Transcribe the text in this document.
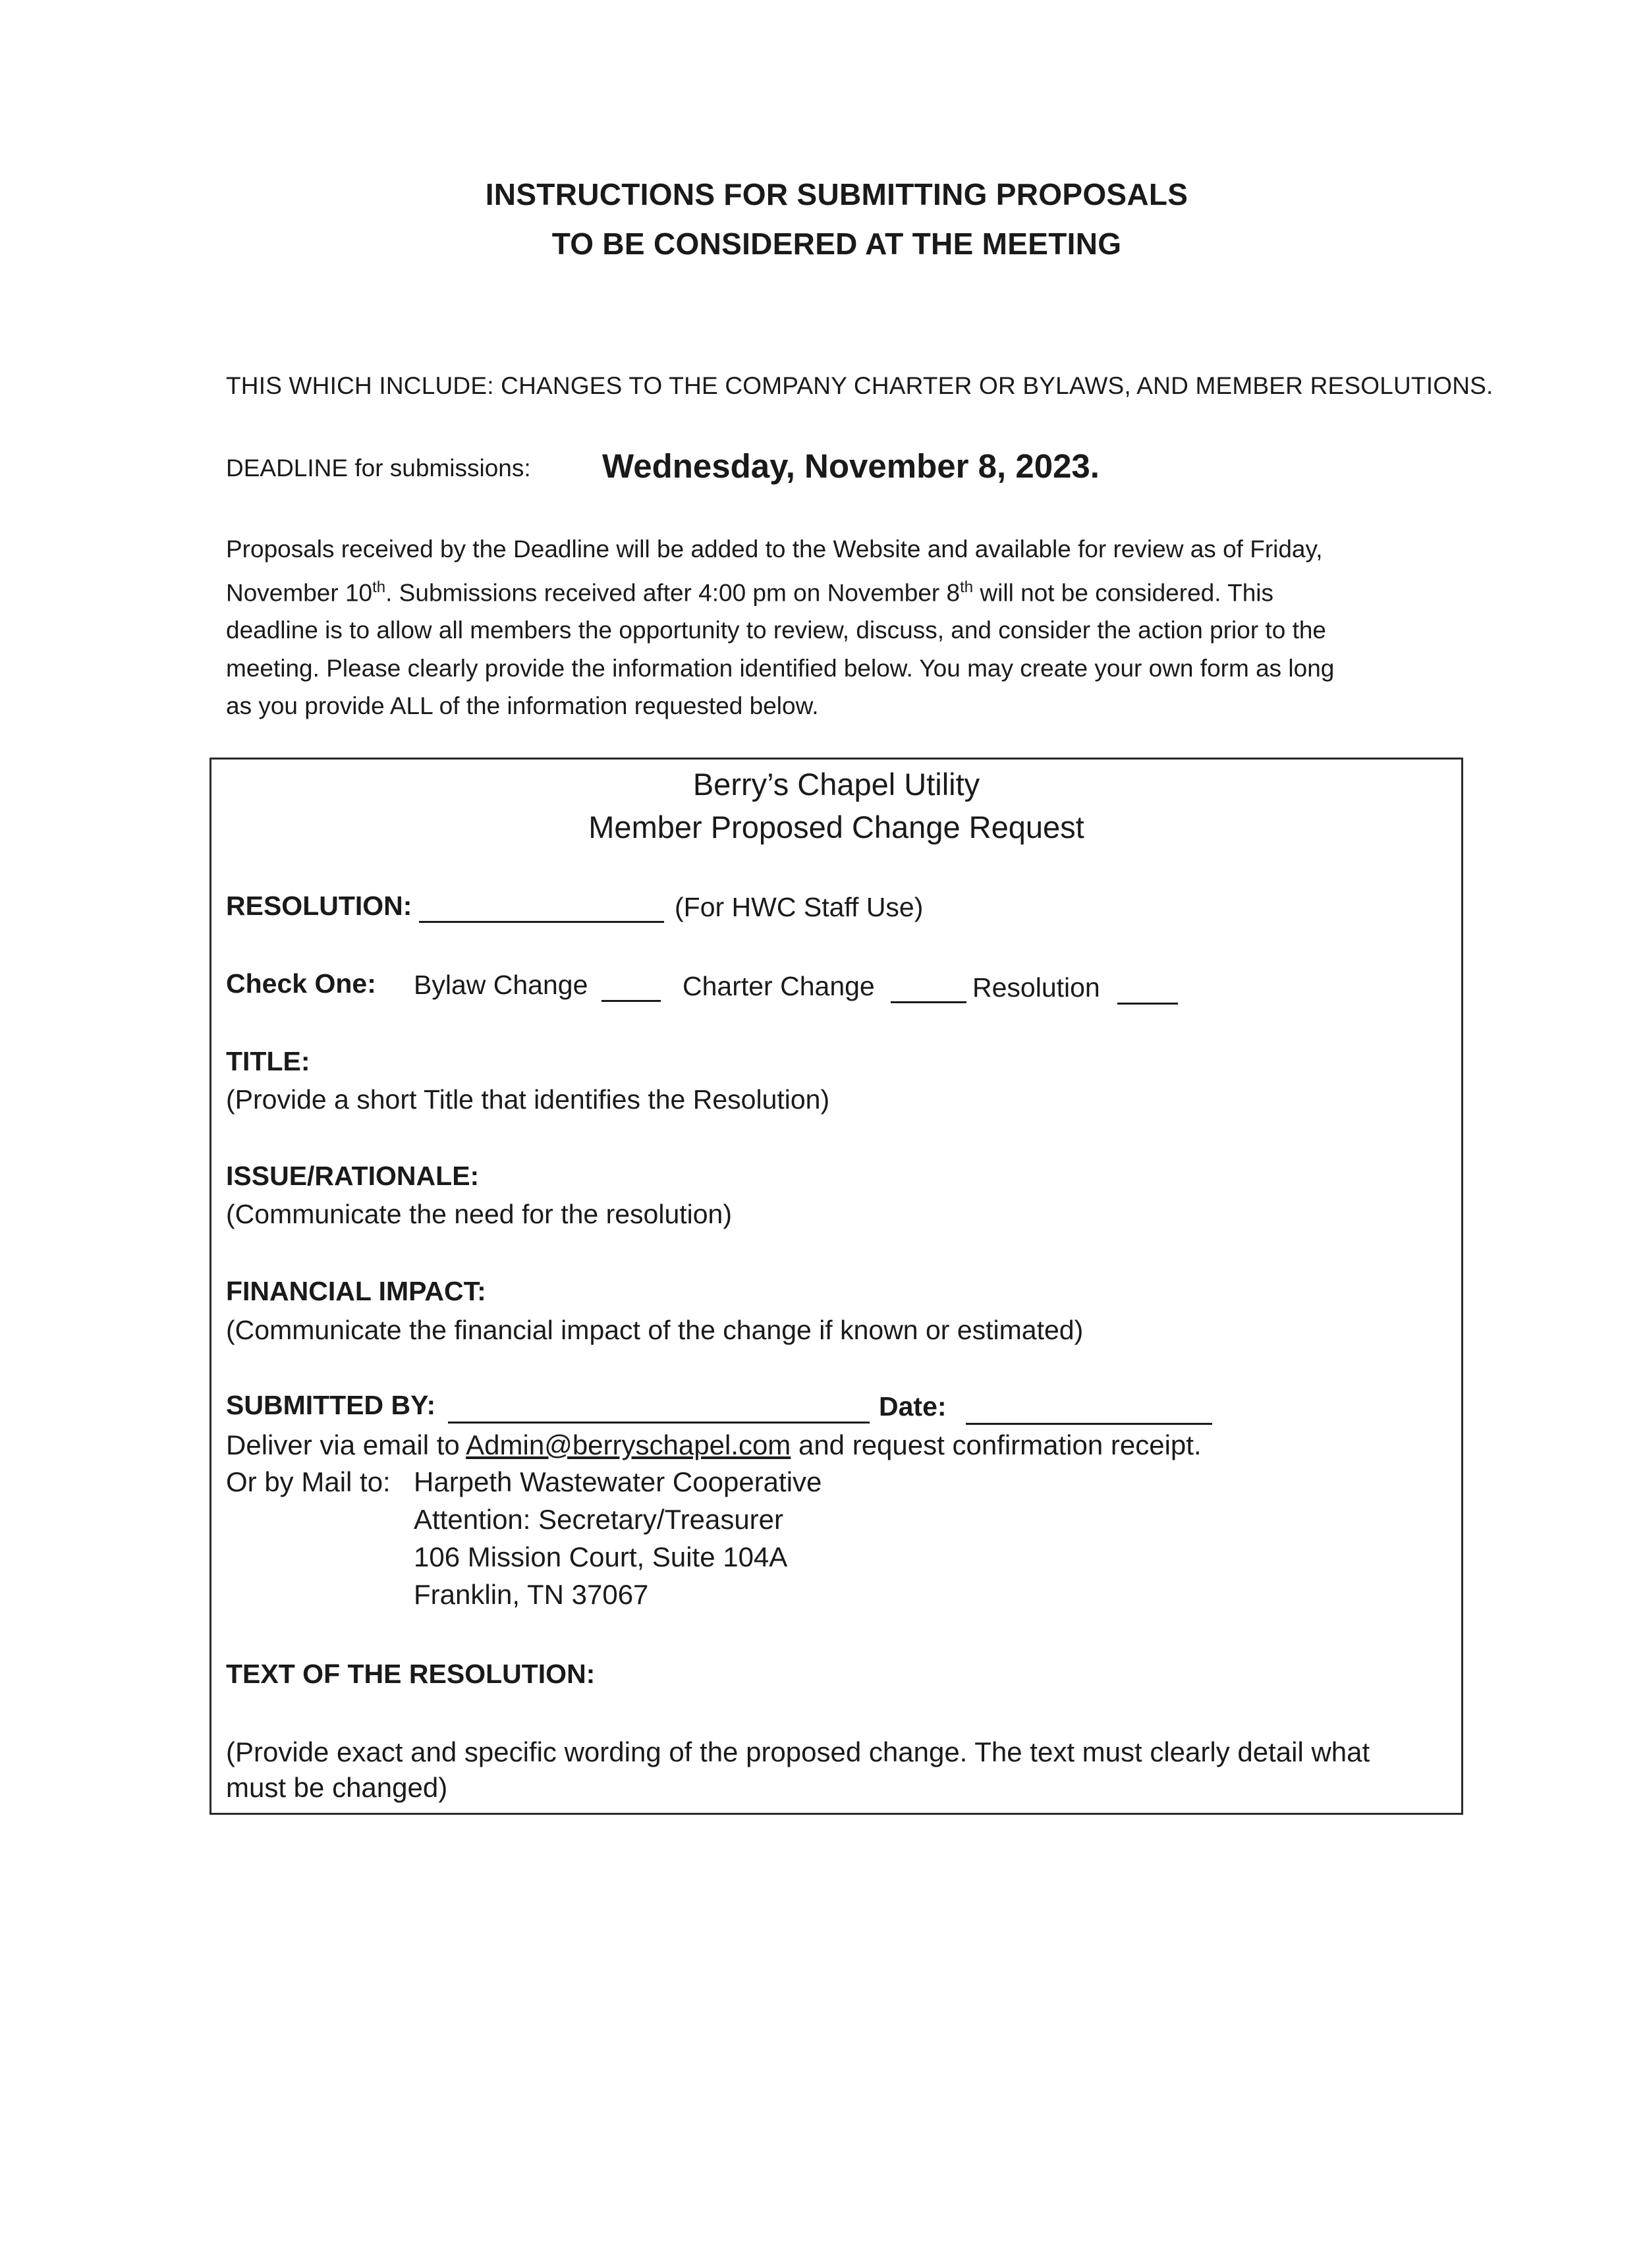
INSTRUCTIONS FOR SUBMITTING PROPOSALS
TO BE CONSIDERED AT THE MEETING
THIS WHICH INCLUDE: CHANGES TO THE COMPANY CHARTER OR BYLAWS, AND MEMBER RESOLUTIONS.
DEADLINE for submissions: Wednesday, November 8, 2023.
Proposals received by the Deadline will be added to the Website and available for review as of Friday,
November 10th. Submissions received after 4:00 pm on November 8th will not be considered. This
deadline is to allow all members the opportunity to review, discuss, and consider the action prior to the
meeting. Please clearly provide the information identified below. You may create your own form as long
as you provide ALL of the information requested below.
Berry’s Chapel Utility
Member Proposed Change Request
RESOLUTION:	(For HWC Staff Use)
Check One: Bylaw Change	Charter Change	Resolution
TITLE:
(Provide a short Title that identifies the Resolution)
ISSUE/RATIONALE:
(Communicate the need for the resolution)
FINANCIAL IMPACT:
(Communicate the financial impact of the change if known or estimated)
SUBMITTED BY:	Date:
Deliver via email to Admin@berryschapel.com and request confirmation receipt.
Or by Mail to: Harpeth Wastewater Cooperative
Attention: Secretary/Treasurer
106 Mission Court, Suite 104A
Franklin, TN 37067
TEXT OF THE RESOLUTION:
(Provide exact and specific wording of the proposed change. The text must clearly detail what
must be changed)
